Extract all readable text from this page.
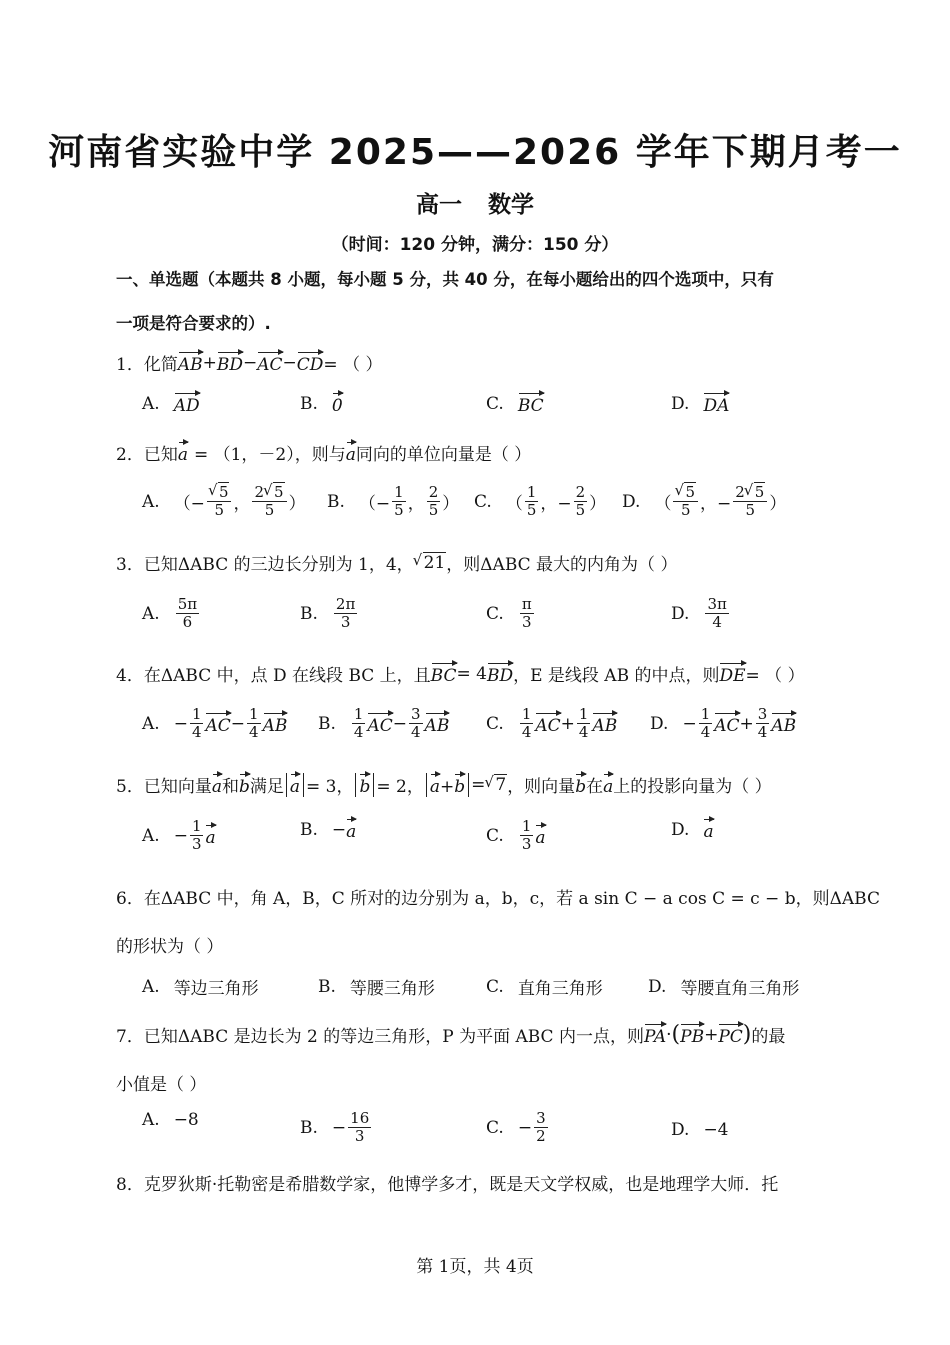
河南省实验中学 2025——2026 学年下期月考一
高一 数学
（时间：120 分钟，满分：150 分）
一、单选题（本题共 8 小题，每小题 5 分，共 40 分，在每小题给出的四个选项中，只有
一项是符合要求的）.
1． 化简 AB + BD − AC − CD = （ ）
A. AD	B. 0	C. BC	D. DA
2． 已知 a = （1，－2），则与 a 同向的单位向量是（ ）
A. （− √ $\frac{5}{5}$ ， $\frac{2 √ 5}{5}$ ） B. （− $\frac{1}{5}$ ， $\frac{2}{5}$ ） C. （ $\frac{1}{5}$ ，− $\frac{2}{5}$ ） D. （ √ $\frac{5}{5}$ ，− $\frac{2 √ 5}{5}$ ）
3． 已知ΔABC 的三边长分别为 1，4， √ 21 ，则ΔABC 最大的内角为（ ）
A. $\frac{5\pi}{6}$	B. $\frac{2\pi}{3}$	C. $\frac{\pi}{3}$	D. $\frac{3\pi}{4}$
4． 在ΔABC 中，点 D 在线段 BC 上，且 BC = 4 BD ，E 是线段 AB 的中点，则 DE = （ ）
A. − $\frac{1}{4}$ AC − $\frac{1}{4}$ AB B. $\frac{1}{4}$ AC − $\frac{3}{4}$ AB C. $\frac{1}{4}$ AC + $\frac{1}{4}$ AB D. − $\frac{1}{4}$ AC + $\frac{3}{4}$ AB
5． 已知向量 a 和 b 满足 a = 3， b = 2， a+b = √ 7 ，则向量 b 在 a 上的投影向量为（ ）
A. − $\frac{1}{3}$ a	B. − a	C. $\frac{1}{3}$ a	D. a
6． 在ΔABC 中，角 A，B，C 所对的边分别为 a，b，c，若 a sin C − a cos C = c − b，则ΔABC
的形状为（ ）
A. 等边三角形	B. 等腰三角形	C. 直角三角形	D. 等腰直角三角形
7． 已知ΔABC 是边长为 2 的等边三角形，P 为平面 ABC 内一点，则 PA · ( PB + PC ) 的最
小值是（ ）
A. −8	B. − $\frac{16}{3}$	C. − $\frac{3}{2}$	D. −4
8． 克罗狄斯·托勒密是希腊数学家，他博学多才，既是天文学权威，也是地理学大师．托
第 1页，共 4页
